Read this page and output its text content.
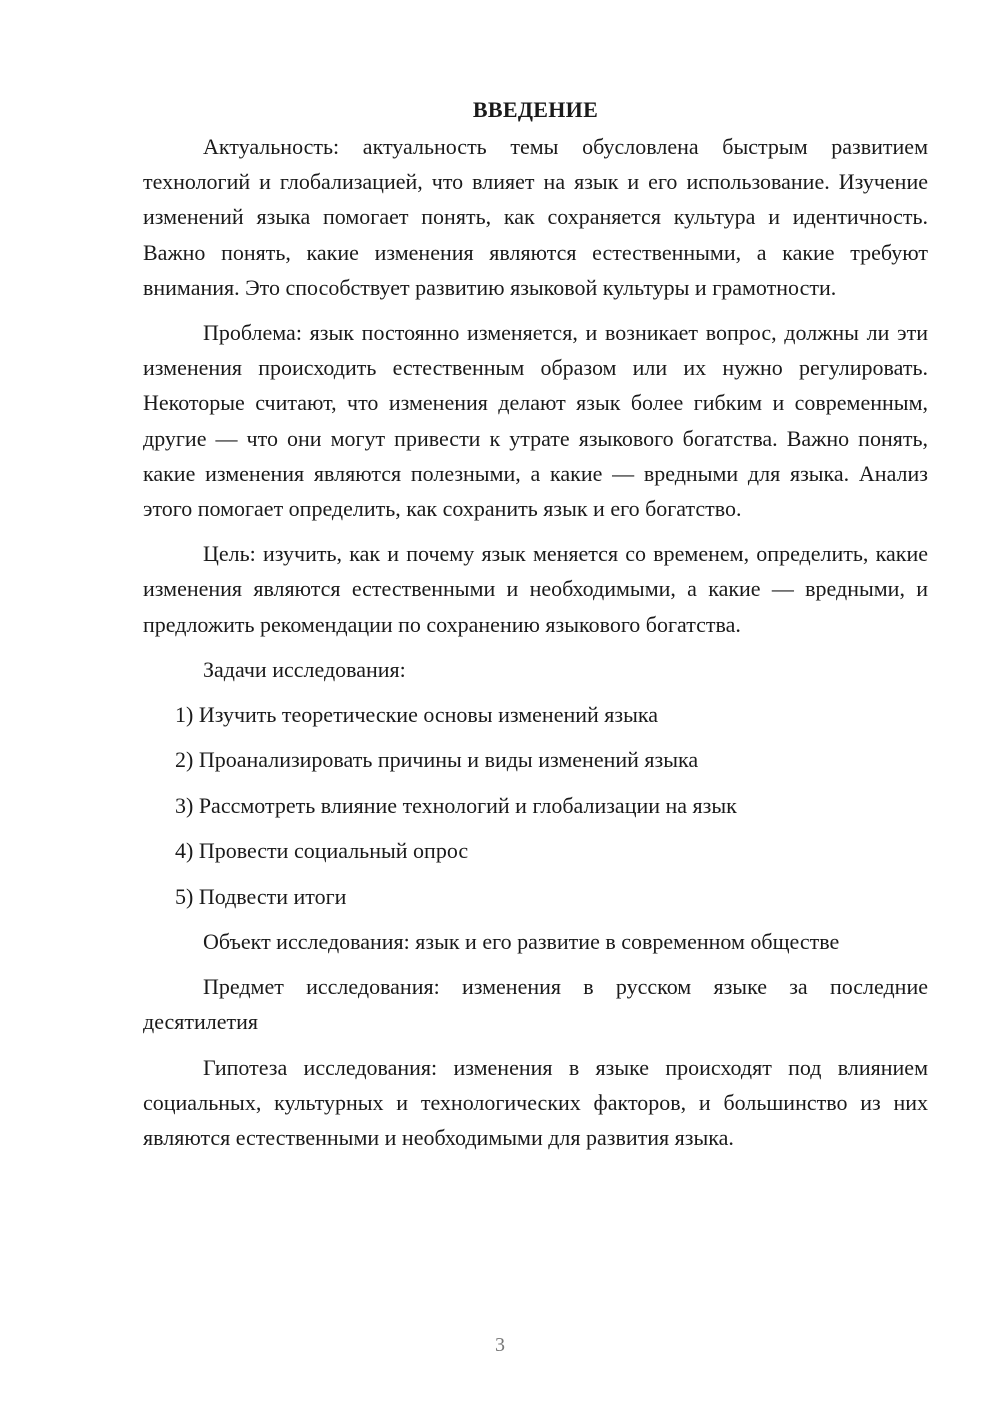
ВВЕДЕНИЕ

Актуальность: актуальность темы обусловлена быстрым развитием технологий и глобализацией, что влияет на язык и его использование. Изучение изменений языка помогает понять, как сохраняется культура и идентичность. Важно понять, какие изменения являются естественными, а какие требуют внимания. Это способствует развитию языковой культуры и грамотности.

Проблема: язык постоянно изменяется, и возникает вопрос, должны ли эти изменения происходить естественным образом или их нужно регулировать. Некоторые считают, что изменения делают язык более гибким и современным, другие — что они могут привести к утрате языкового богатства. Важно понять, какие изменения являются полезными, а какие — вредными для языка. Анализ этого помогает определить, как сохранить язык и его богатство.

Цель: изучить, как и почему язык меняется со временем, определить, какие изменения являются естественными и необходимыми, а какие — вредными, и предложить рекомендации по сохранению языкового богатства.

Задачи исследования:

1) Изучить теоретические основы изменений языка
2) Проанализировать причины и виды изменений языка
3) Рассмотреть влияние технологий и глобализации на язык
4) Провести социальный опрос
5) Подвести итоги

Объект исследования: язык и его развитие в современном обществе

Предмет исследования: изменения в русском языке за последние десятилетия

Гипотеза исследования: изменения в языке происходят под влиянием социальных, культурных и технологических факторов, и большинство из них являются естественными и необходимыми для развития языка.

3
